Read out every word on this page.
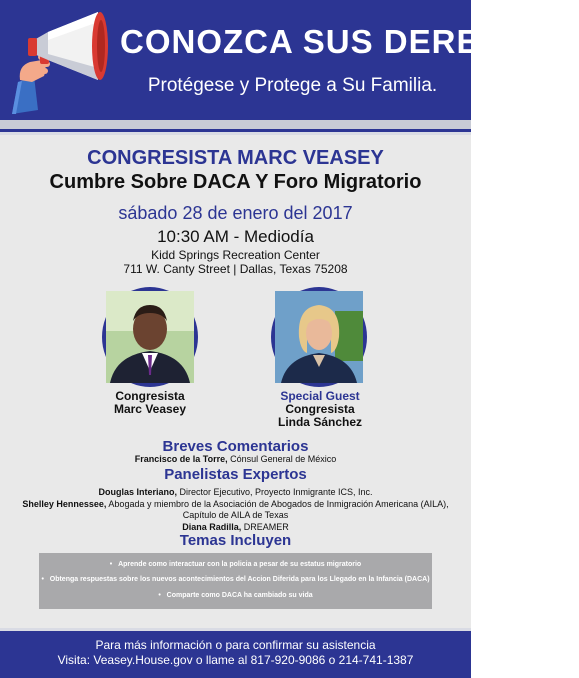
CONOZCA SUS DERECHOS
Protégese y Protege a Su Familia.
CONGRESISTA MARC VEASEY
Cumbre Sobre DACA Y Foro Migratorio
sábado 28 de enero del 2017
10:30 AM - Mediodía
Kidd Springs Recreation Center
711 W. Canty Street | Dallas, Texas 75208
Congresista
Marc Veasey
Special Guest
Congresista
Linda Sánchez
Breves Comentarios
Francisco de la Torre, Cónsul General de México
Panelistas Expertos
Douglas Interiano, Director Ejecutivo, Proyecto Inmigrante ICS, Inc.
Shelley Hennessee, Abogada y miembro de la Asociación de Abogados de Inmigración Americana (AILA),
Capítulo de AILA de Texas
Diana Radilla, DREAMER
Temas Incluyen
•   Aprende como interactuar con la policia a pesar de su estatus migratorio
•   Obtenga respuestas sobre los nuevos acontecimientos del Accion Diferida para los Llegado en la Infancia (DACA)
•   Comparte como DACA ha cambiado su vida
Para más información o para confirmar su asistencia
Visita: Veasey.House.gov o llame al 817-920-9086 o 214-741-1387
